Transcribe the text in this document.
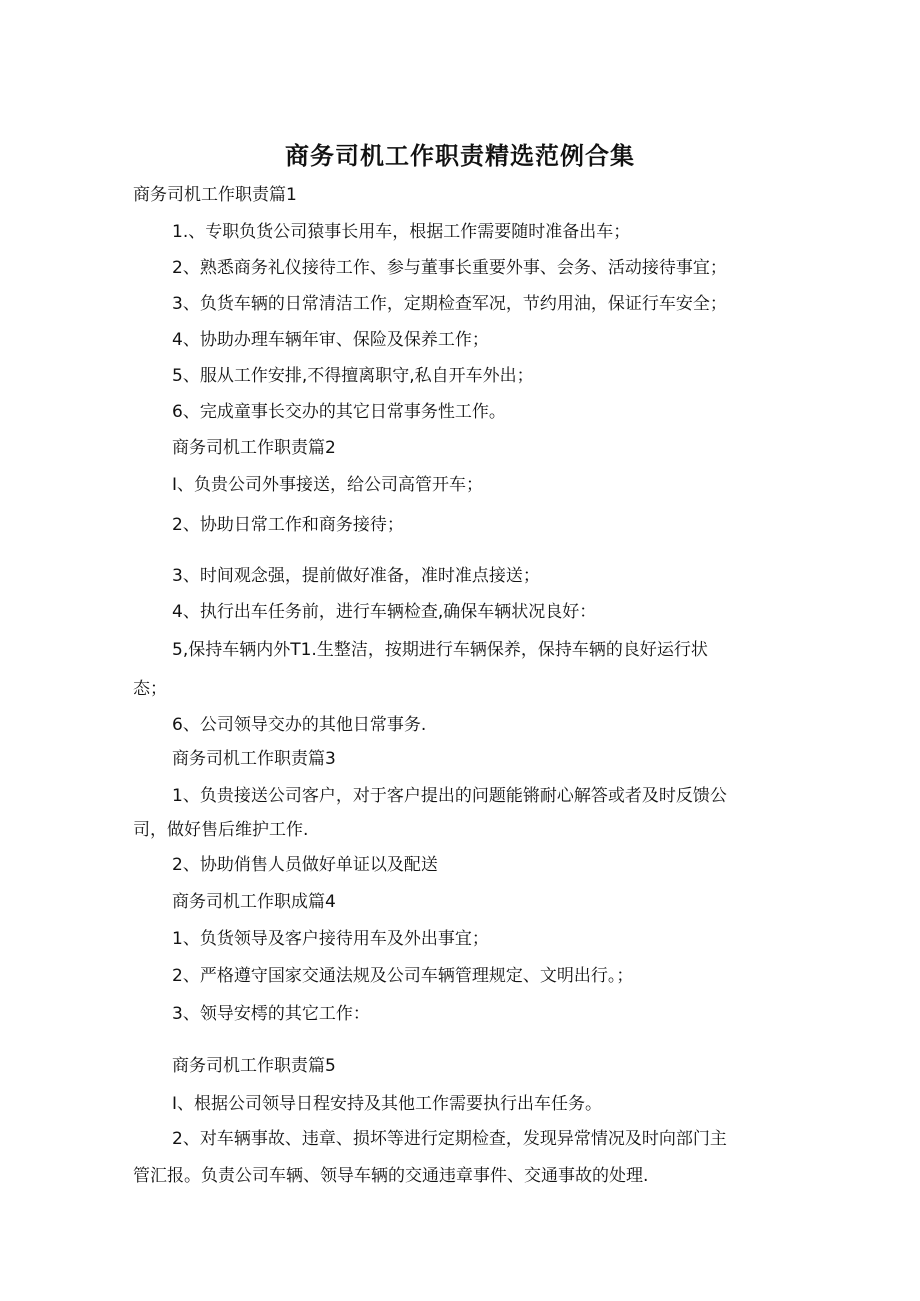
商务司机工作职责精选范例合集
商务司机工作职责篇1
1.、专职负货公司猿事长用车，根据工作需要随时准备出车；
2、熟悉商务礼仪接待工作、参与董事长重要外事、会务、活动接待事宜；
3、负货车辆的日常清洁工作，定期检查军况，节约用油，保证行车安全；
4、协助办理车辆年审、保险及保养工作；
5、服从工作安排,不得擅离职守,私自开车外出；
6、完成童事长交办的其它日常事务性工作。
商务司机工作职责篇2
I、负贵公司外事接送，给公司高管开车；
2、协助日常工作和商务接待；
3、时间观念强，提前做好准备，准时准点接送；
4、执行出车任务前，进行车辆检查,确保车辆状况良好：
5,保持车辆内外T1.生整洁，按期进行车辆保养，保持车辆的良好运行状
态；
6、公司领导交办的其他日常事务.
商务司机工作职责篇3
1、负贵接送公司客户，对于客户提出的问题能锵耐心解答或者及时反馈公
司，做好售后维护工作.
2、协助俏售人员做好单证以及配送
商务司机工作职成篇4
1、负货领导及客户接待用车及外出事宜；
2、严格遵守国家交通法规及公司车辆管理规定、文明出行。；
3、领导安樗的其它工作：
商务司机工作职责篇5
I、根据公司领导日程安持及其他工作需要执行出车任务。
2、对车辆事故、违章、损坏等进行定期检查，发现异常情况及时向部门主
管汇报。负责公司车辆、领导车辆的交通违章事件、交通事故的处理.
